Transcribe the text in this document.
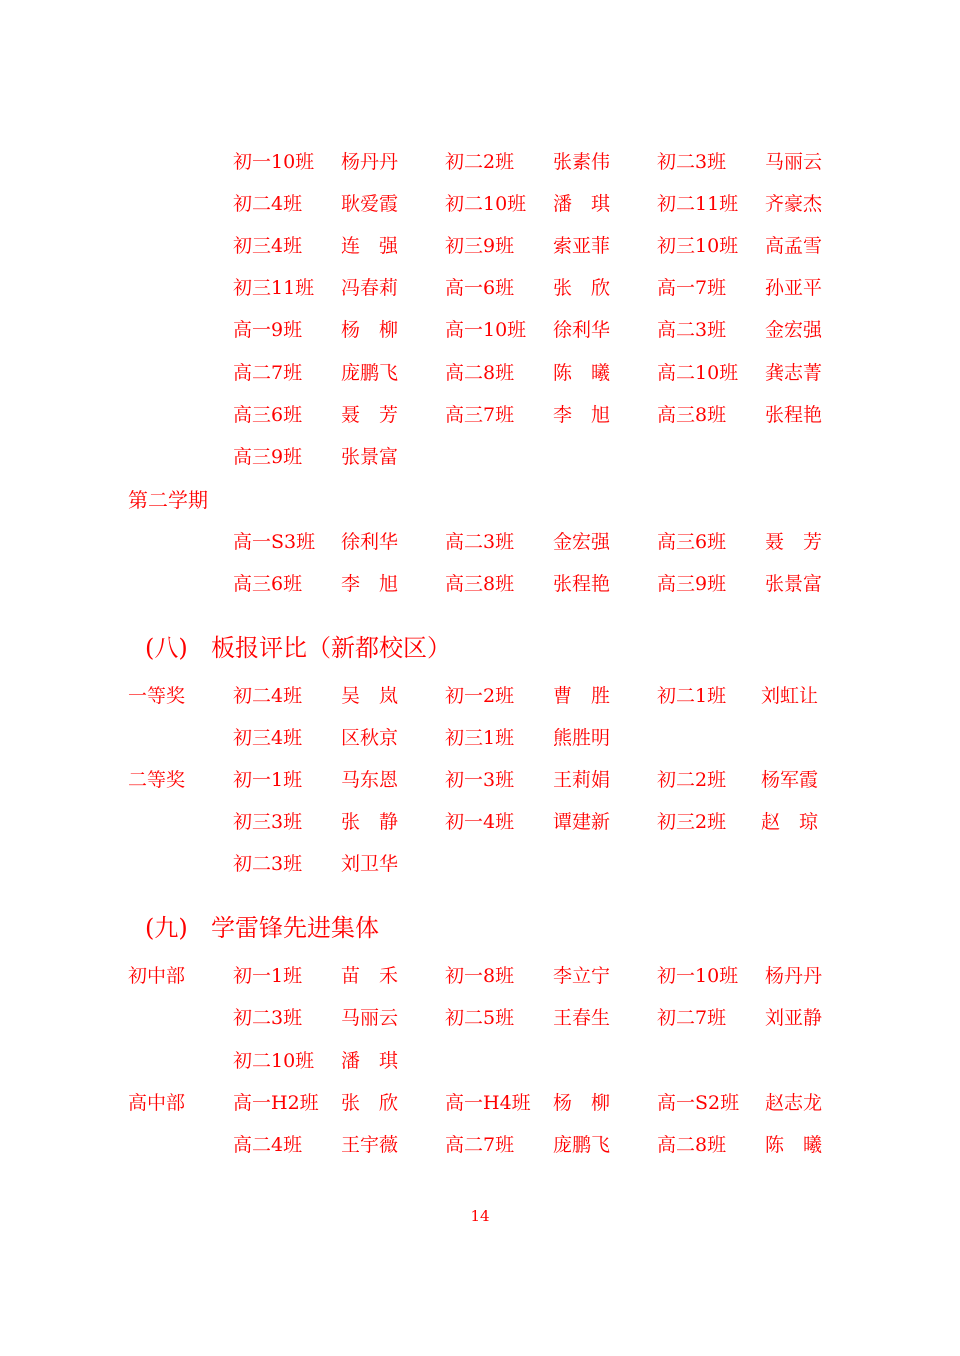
初一10班 杨丹丹 初二2班 张素伟 初二3班 马丽云
初二4班 耿爱霞 初二10班 潘　琪 初二11班 齐豪杰
初三4班 连　强 初三9班 索亚菲 初三10班 高孟雪
初三11班 冯春莉 高一6班 张　欣 高一7班 孙亚平
高一9班 杨　柳 高一10班 徐利华 高二3班 金宏强
高二7班 庞鹏飞 高二8班 陈　曦 高二10班 龚志菁
高三6班 聂　芳 高三7班 李　旭 高三8班 张程艳
高三9班 张景富
第二学期
高一S3班 徐利华 高二3班 金宏强 高三6班 聂　芳
高三6班 李　旭 高三8班 张程艳 高三9班 张景富
(八) 板报评比（新都校区）
一等奖	初二4班 吴　岚 初一2班 曹　胜 初二1班 刘虹让
初三4班 区秋京 初三1班 熊胜明
二等奖	初一1班 马东恩 初一3班 王莉娟 初二2班 杨军霞
初三3班 张　静 初一4班 谭建新 初三2班 赵　琼
初二3班 刘卫华
(九) 学雷锋先进集体
初中部	初一1班 苗　禾 初一8班 李立宁 初一10班 杨丹丹
初二3班 马丽云 初二5班 王春生 初二7班 刘亚静
初二10班 潘　琪
高中部	高一H2班 张　欣 高一H4班 杨　柳 高一S2班 赵志龙
高二4班 王宇薇 高二7班 庞鹏飞 高二8班 陈　曦
14
